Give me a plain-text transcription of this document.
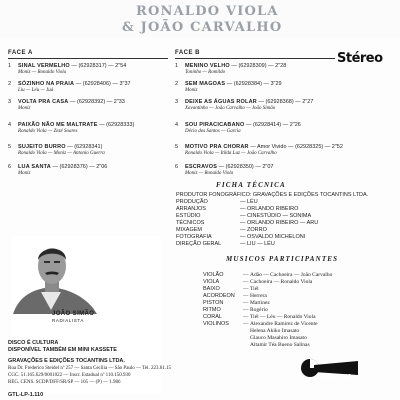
RONALDO VIOLA
& JOÃO CARVALHO
FACE A
1 SINAL VERMELHO — (62928317) — 2"54
Moniz — Ronaldo Viola
2 SÓZINHO NA PRAIA — (62928406) — 3"37
Liu — Léu — Juá
3 VOLTA PRA CASA — (62928392) — 2"33
Moniz
4 PAIXÃO NÃO ME MALTRATE — (62928333)
Ronaldo Viola — Zezé Soares
5 SUJEITO BURRO — (62928341)
Ronaldo Viola — Moniz — Antonio Guerra
6 LUA SANTA — (62928376) — 2"06
Moniz
FACE B	Stéreo
1 MENINO VELHO — (62928309) — 2"28
Toninho — Romildo
2 SEM MAGOAS — (62928384) — 3"29
Moniz
3 DEIXE AS ÁGUAS ROLAR — (62928368) — 2"27
Xavantinho — João Carvalho — João Simão
4 SOU PIRACICABANO — (62928414) — 2"26
Décio dos Santos — Garcia
5 MOTIVO PRA CHORAR — Amor Vivido — (62928325) — 2"52
Ronaldo Viola — Itilda Luz — João Carvalho
6 ESCRAVOS — (62928350) — 2"07
Moniz — Ronaldo Viola
JOÃO SIMÃO
RADIALISTA
FICHA TÉCNICA
PRODUTOR FONOGRÁFICO: GRAVAÇÕES E EDIÇÕES TOCANTINS LTDA.
PRODUÇÃO	— LÉU
ARRANJOS	— ORLANDO RIBEIRO
ESTÚDIO	— CINESTÚDIO — SONIMA
TÉCNICOS	— ORLANDO RIBEIRO — ARU
MIXAGEM	— ZORRO
FOTOGRAFIA	— OSVALDO MICHELONI
DIREÇÃO GERAL	— LIU — LÉU
MUSICOS PARTICIPANTES
VIOLÃO	— Adão — Cachoeira — João Carvalho
VIOLA	— Cachoeira — Ronaldo Viola
BAIXO	— Tiél
ACORDEON — Herrera
PISTON	— Martinez
RITMO	— Rogério
CORAL	— Tiél — Léu — Ronaldo Viola
VIOLINOS	— Alexandre Ramirez de Vicente
Helena Akiko Imasato
Glauco Masahiro Imasato
Altamir Téa Bueno Salinas
DISCO É CULTURA
DISPONÍVEL TAMBÉM EM MINI KASSETE
GRAVAÇÕES E EDIÇÕES TOCANTINS LTDA.
Rua Dr. Frederico Steidel nº 257 — Santa Cecília — São Paulo — Tel. 223.61.15
CGC. 51.165.629/0001022 — Inscr. Estadual nº 110.150.930
REG. CENS. SCDP/DFF/SR/SP — 105 — (P) — 1.986
GTL-LP-1.110
TOCANTINS
